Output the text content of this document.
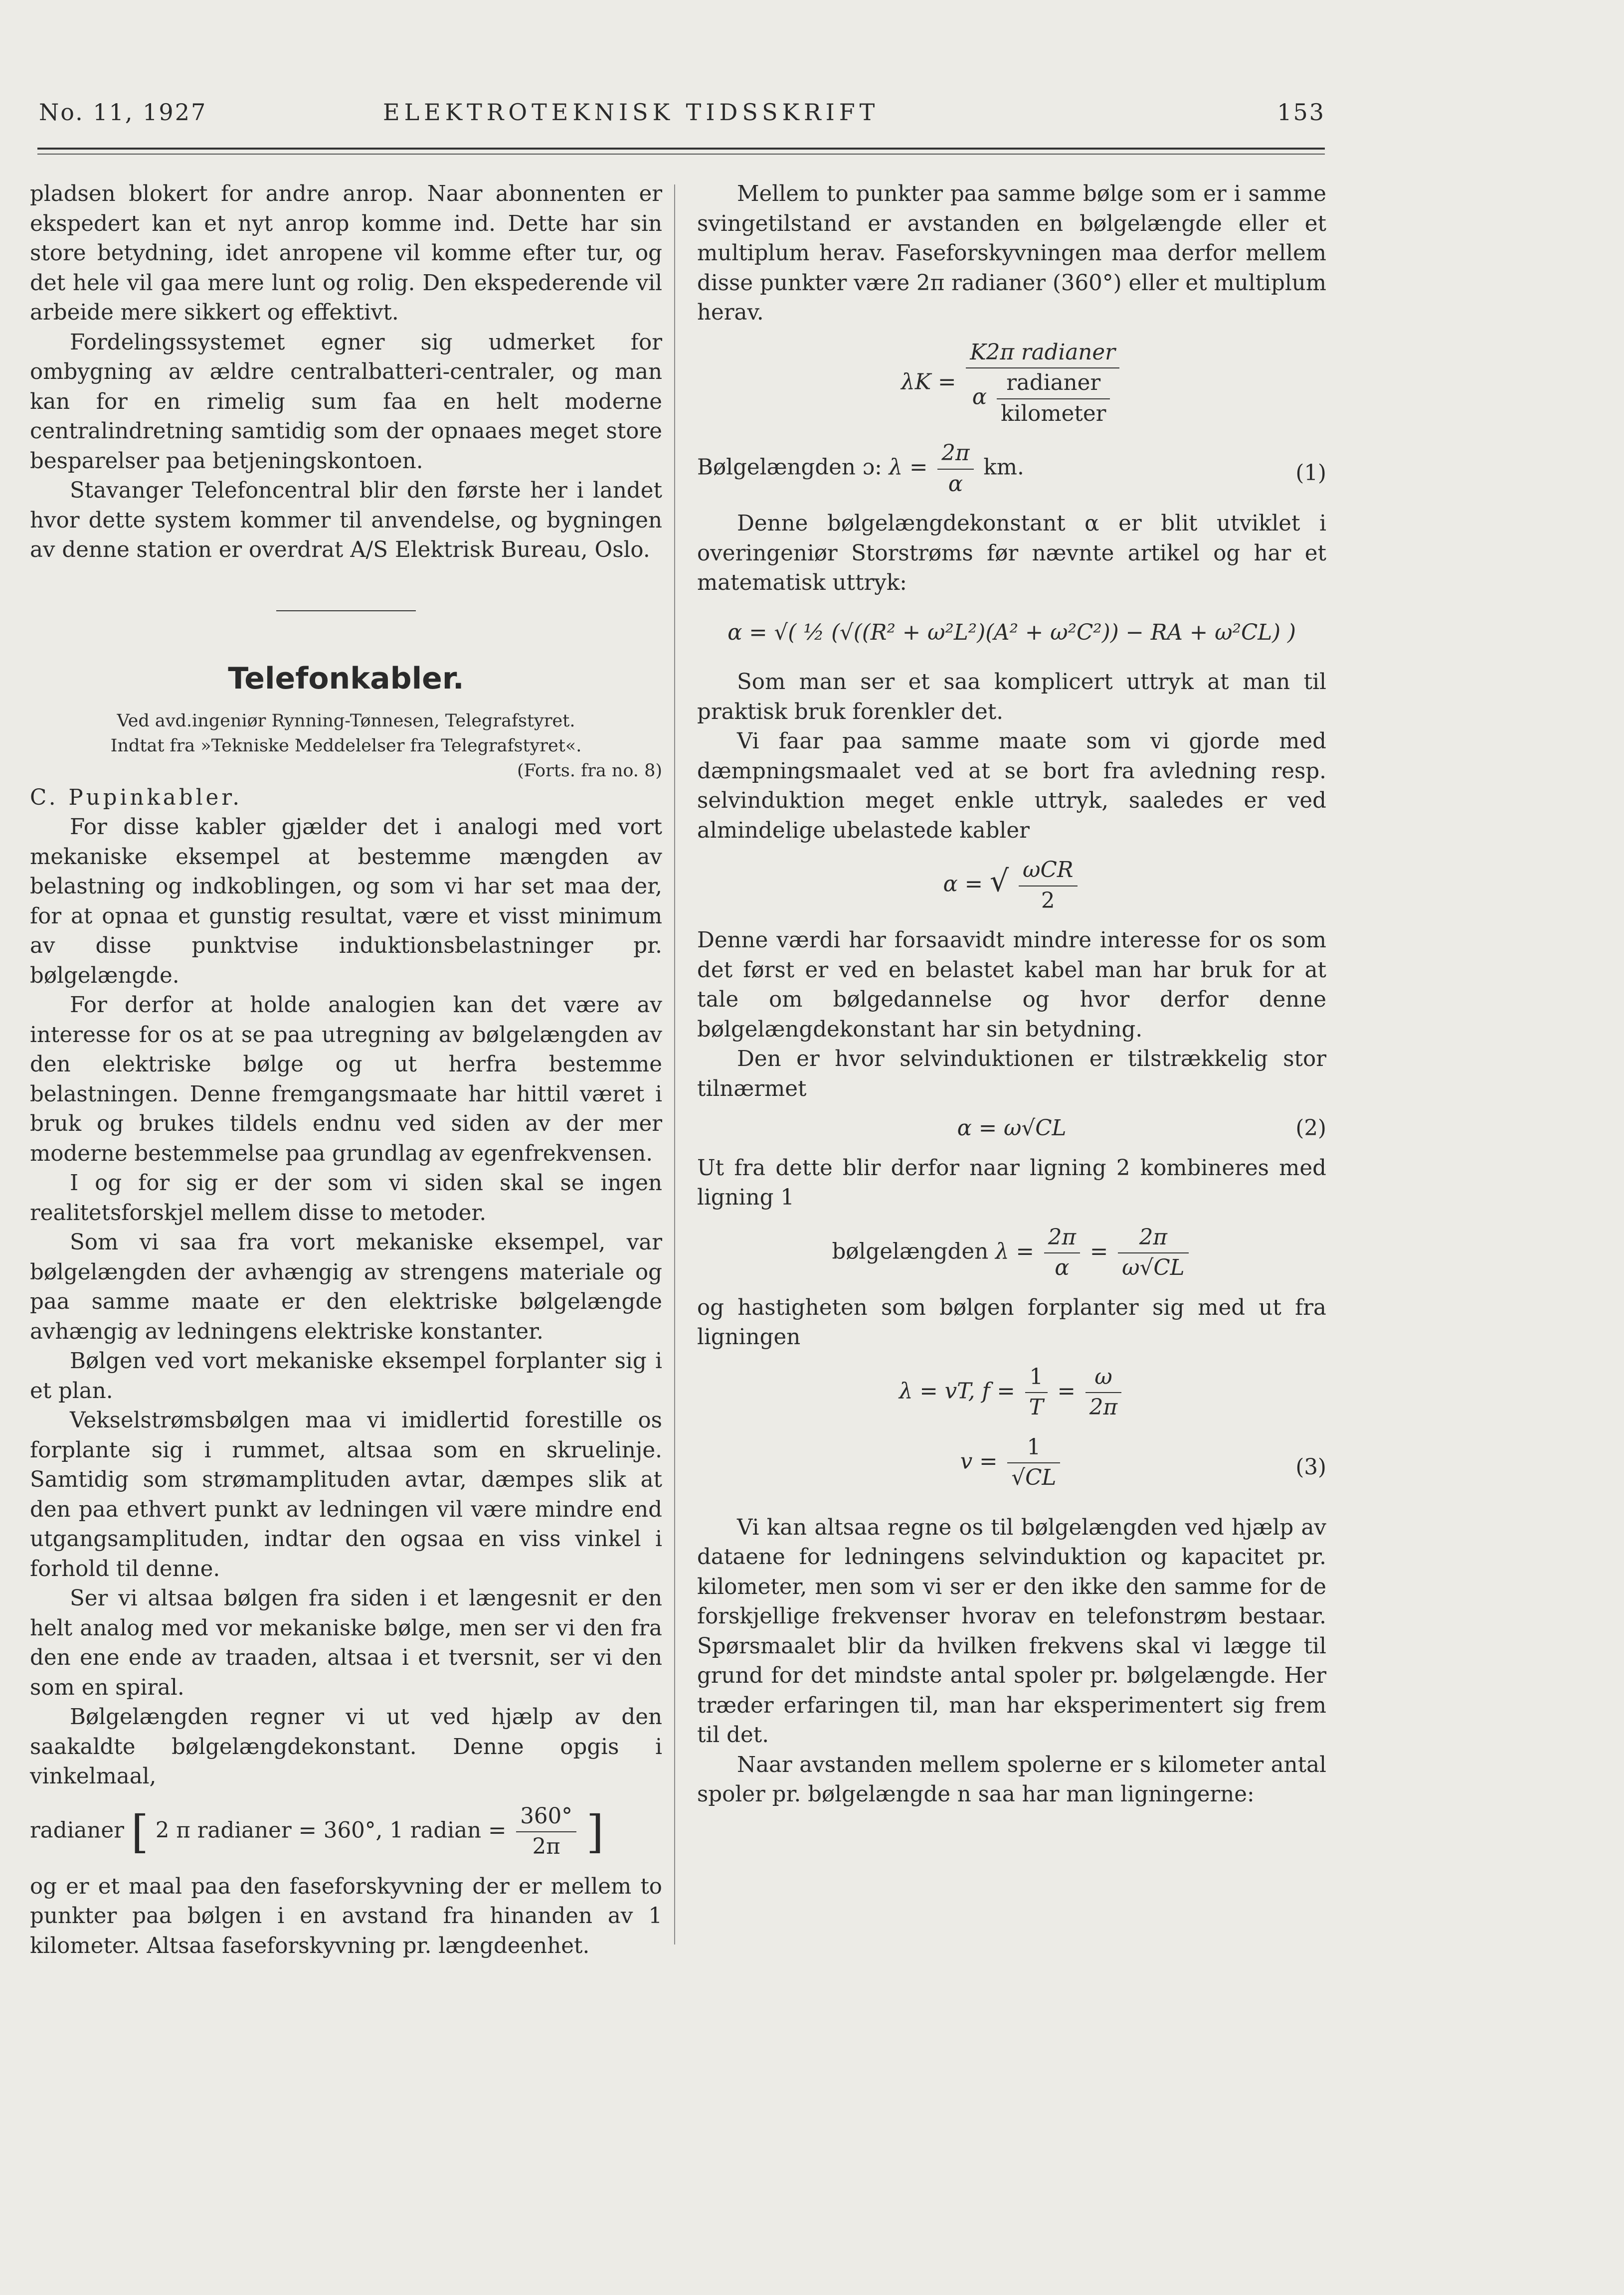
No. 11, 1927	ELEKTROTEKNISK TIDSSKRIFT	153

pladsen blokert for andre anrop. Naar abonnenten er ekspedert kan et nyt anrop komme ind. Dette har sin store betydning, idet anropene vil komme efter tur, og det hele vil gaa mere lunt og rolig. Den ekspederende vil arbeide mere sikkert og effektivt.

Fordelingssystemet egner sig udmerket for ombygning av ældre centralbatteri-centraler, og man kan for en rimelig sum faa en helt moderne centralindretning samtidig som der opnaaes meget store besparelser paa betjeningskontoen.

Stavanger Telefoncentral blir den første her i landet hvor dette system kommer til anvendelse, og bygningen av denne station er overdrat A/S Elektrisk Bureau, Oslo.

Telefonkabler.
Ved avd.ingeniør Rynning-Tønnesen, Telegrafstyret.
Indtat fra »Tekniske Meddelelser fra Telegrafstyret«.
(Forts. fra no. 8)

C. Pupinkabler.

For disse kabler gjælder det i analogi med vort mekaniske eksempel at bestemme mængden av belastning og indkoblingen, og som vi har set maa der, for at opnaa et gunstig resultat, være et visst minimum av disse punktvise induktionsbelastninger pr. bølgelængde.

For derfor at holde analogien kan det være av interesse for os at se paa utregning av bølgelængden av den elektriske bølge og ut herfra bestemme belastningen. Denne fremgangsmaate har hittil været i bruk og brukes tildels endnu ved siden av der mer moderne bestemmelse paa grundlag av egenfrekvensen.

I og for sig er der som vi siden skal se ingen realitetsforskjel mellem disse to metoder.

Som vi saa fra vort mekaniske eksempel, var bølgelængden der avhængig av strengens materiale og paa samme maate er den elektriske bølgelængde avhængig av ledningens elektriske konstanter.

Bølgen ved vort mekaniske eksempel forplanter sig i et plan.

Vekselstrømsbølgen maa vi imidlertid forestille os forplante sig i rummet, altsaa som en skruelinje. Samtidig som strømamplituden avtar, dæmpes slik at den paa ethvert punkt av ledningen vil være mindre end utgangsamplituden, indtar den ogsaa en viss vinkel i forhold til denne.

Ser vi altsaa bølgen fra siden i et længesnit er den helt analog med vor mekaniske bølge, men ser vi den fra den ene ende av traaden, altsaa i et tversnit, ser vi den som en spiral.

Bølgelængden regner vi ut ved hjælp av den saakaldte bølgelængdekonstant. Denne opgis i vinkelmaal,

radianer [ 2 π radianer = 360°, 1 radian = $\frac{360^\circ}{2\pi}$ ]

og er et maal paa den faseforskyvning der er mellem to punkter paa bølgen i en avstand fra hinanden av 1 kilometer. Altsaa faseforskyvning pr. længdeenhet.

Mellem to punkter paa samme bølge som er i samme svingetilstand er avstanden en bølgelængde eller et multiplum herav. Faseforskyvningen maa derfor mellem disse punkter være 2π radianer (360°) eller et multiplum herav.

$\lambda K = \frac{\text{K2π radianer}}{\alpha \frac{\text{radianer}}{\text{kilometer}}}$
Bølgelængden ɔ: $\lambda = \frac{2\pi}{\alpha}$ km.	(1)

Denne bølgelængdekonstant α er blit utviklet i overingeniør Storstrøms før nævnte artikel og har et matematisk uttryk:

α = √( ½ (√((R² + ω²L²)(A² + ω²C²)) − RA + ω²CL) )

Som man ser et saa komplicert uttryk at man til praktisk bruk forenkler det.

Vi faar paa samme maate som vi gjorde med dæmpningsmaalet ved at se bort fra avledning resp. selvinduktion meget enkle uttryk, saaledes er ved almindelige ubelastede kabler

α = √ $\frac{\text{ωCR}}{2}$

Denne værdi har forsaavidt mindre interesse for os som det først er ved en belastet kabel man har bruk for at tale om bølgedannelse og hvor derfor denne bølgelængdekonstant har sin betydning.

Den er hvor selvinduktionen er tilstrækkelig stor tilnærmet

α = ω√CL	(2)

Ut fra dette blir derfor naar ligning 2 kombineres med ligning 1

bølgelængden $\lambda = \frac{2\pi}{\alpha} = \frac{2\pi}{\omega√CL}$

og hastigheten som bølgen forplanter sig med ut fra ligningen

λ = vT, $f = \frac{1}{T} = \frac{\omega}{2\pi}$
$v = \frac{1}{√CL}$	(3)

Vi kan altsaa regne os til bølgelængden ved hjælp av dataene for ledningens selvinduktion og kapacitet pr. kilometer, men som vi ser er den ikke den samme for de forskjellige frekvenser hvorav en telefonstrøm bestaar. Spørsmaalet blir da hvilken frekvens skal vi lægge til grund for det mindste antal spoler pr. bølgelængde. Her træder erfaringen til, man har eksperimentert sig frem til det.

Naar avstanden mellem spolerne er s kilometer antal spoler pr. bølgelængde n saa har man ligningerne:
